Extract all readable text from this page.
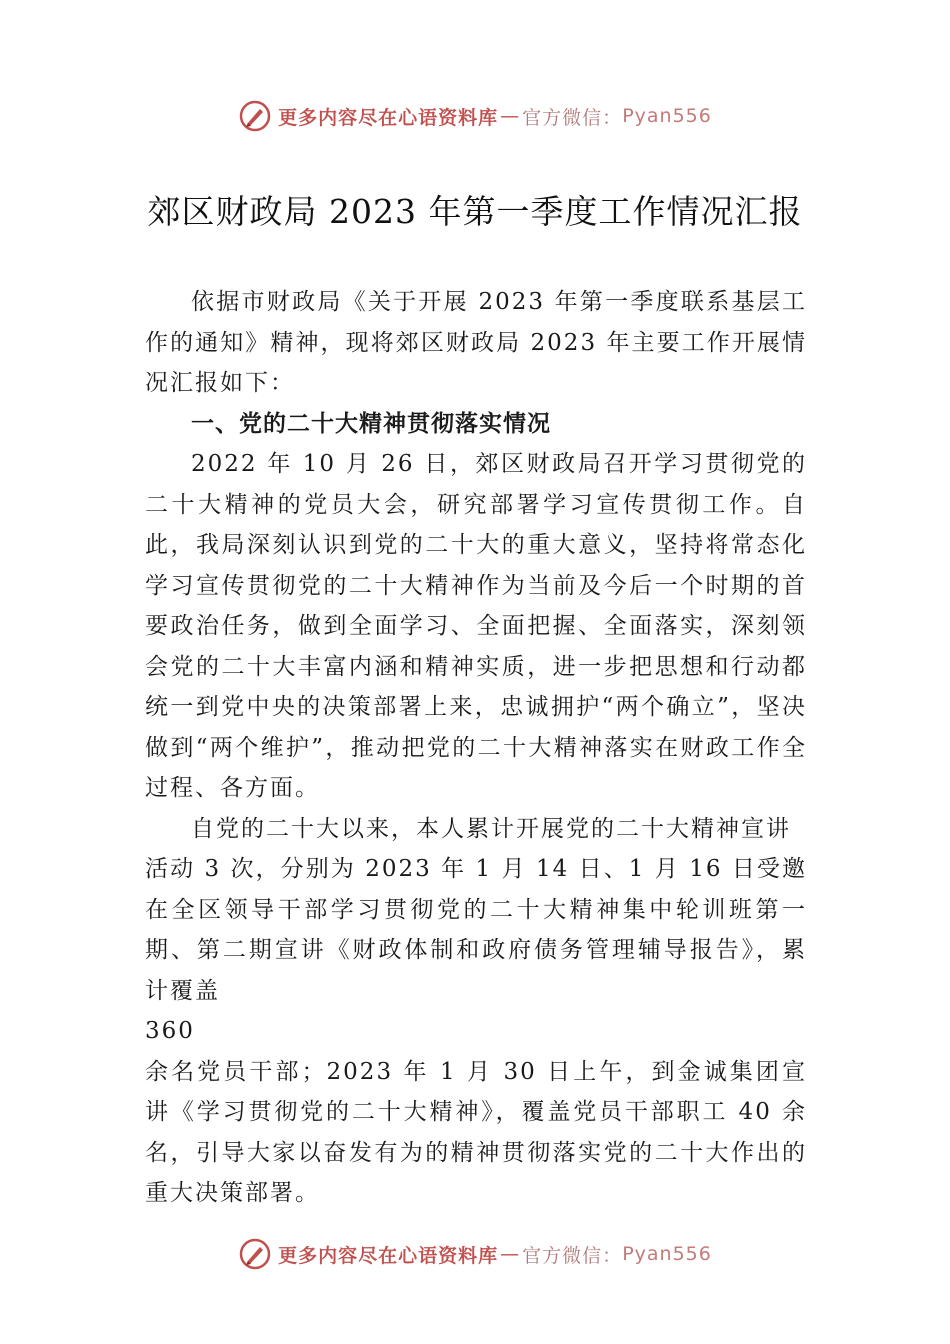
更多内容尽在心语资料库 — 官方微信： Pyan556
郊区财政局 2023 年第一季度工作情况汇报

依据市财政局《关于开展 2023 年第一季度联系基层工作的通知》精神，现将郊区财政局 2023 年主要工作开展情况汇报如下：

一、党的二十大精神贯彻落实情况

2022 年 10 月 26 日，郊区财政局召开学习贯彻党的二十大精神的党员大会，研究部署学习宣传贯彻工作。自此，我局深刻认识到党的二十大的重大意义，坚持将常态化学习宣传贯彻党的二十大精神作为当前及今后一个时期的首要政治任务，做到全面学习、全面把握、全面落实，深刻领会党的二十大丰富内涵和精神实质，进一步把思想和行动都统一到党中央的决策部署上来，忠诚拥护“两个确立”，坚决做到“两个维护”，推动把党的二十大精神落实在财政工作全过程、各方面。

自党的二十大以来，本人累计开展党的二十大精神宣讲

活动 3 次，分别为 2023 年 1 月 14 日、1 月 16 日受邀在全区领导干部学习贯彻党的二十大精神集中轮训班第一期、第二期宣讲《财政体制和政府债务管理辅导报告》，累计覆盖

360

余名党员干部；2023 年 1 月 30 日上午，到金诚集团宣讲《学习贯彻党的二十大精神》，覆盖党员干部职工 40 余名，引导大家以奋发有为的精神贯彻落实党的二十大作出的重大决策部署。

更多内容尽在心语资料库 — 官方微信： Pyan556
